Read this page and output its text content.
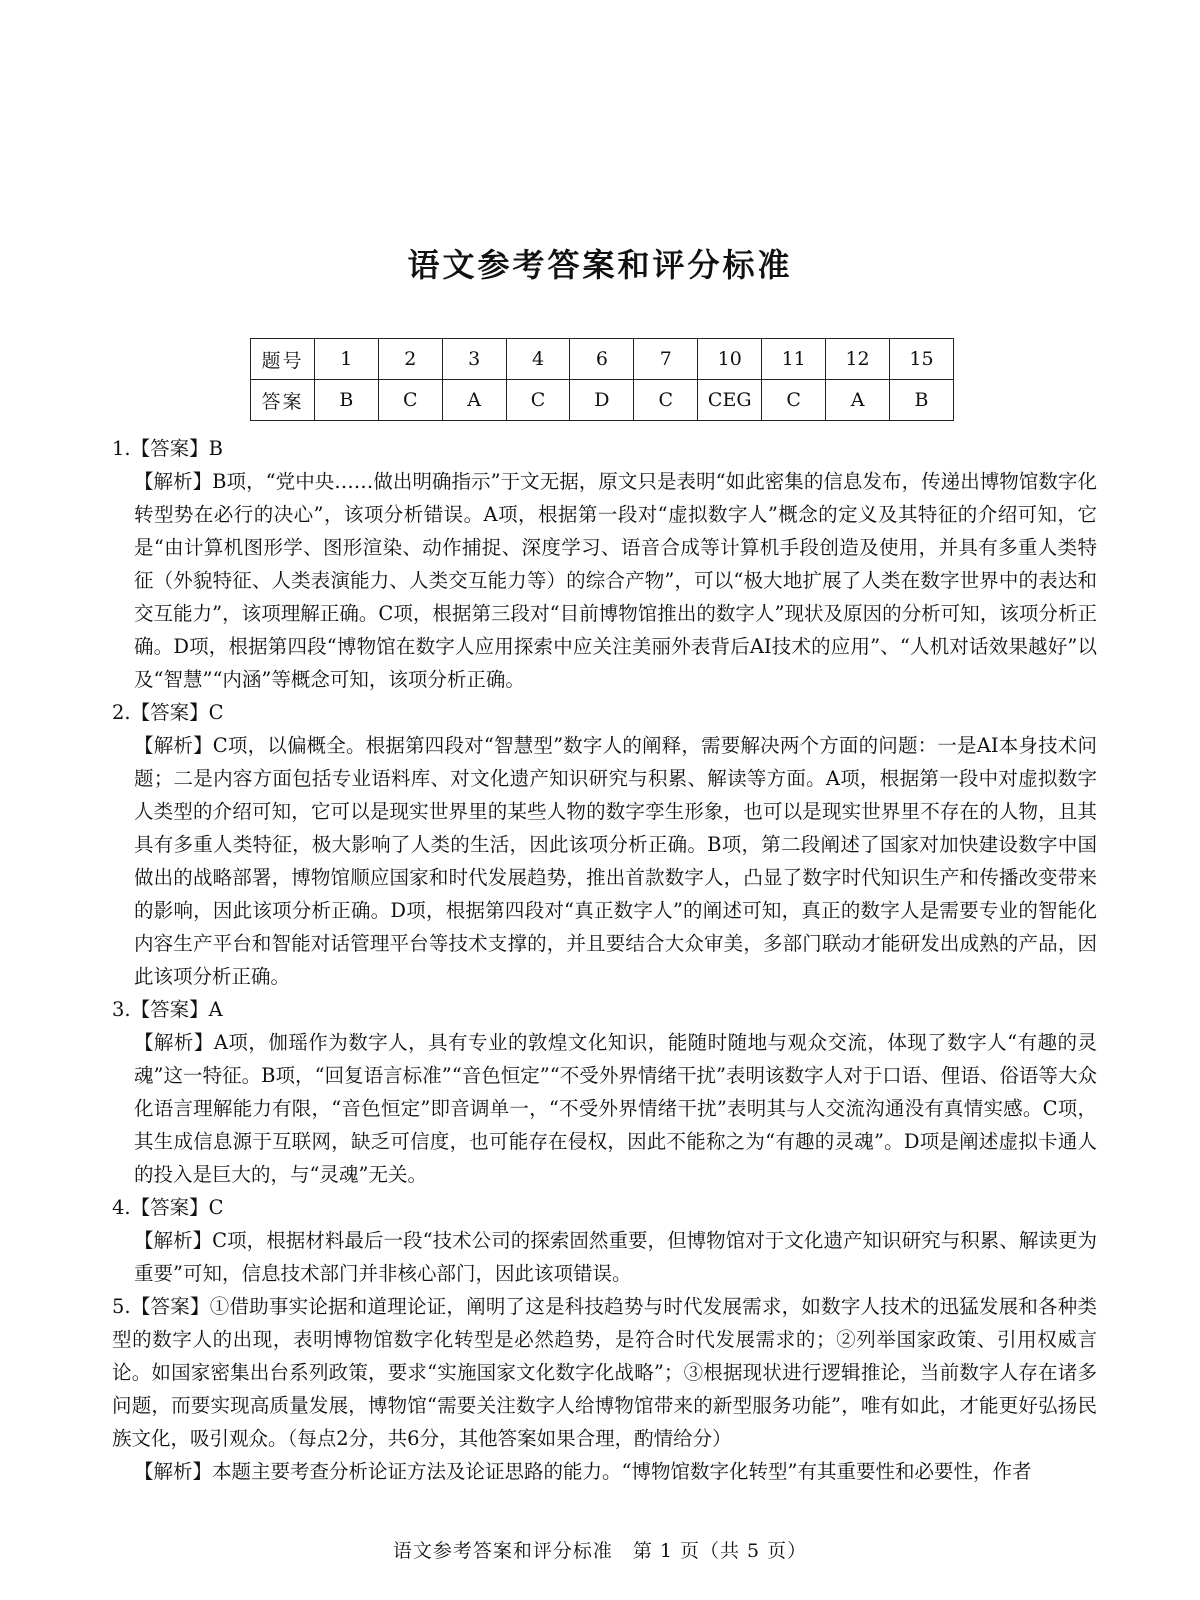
语文参考答案和评分标准
题号	1	2	3	4	6	7	10	11	12	15
答案	B	C	A	C	D	C	CEG	C	A	B

1.【答案】B

【解析】B项，“党中央……做出明确指示”于文无据，原文只是表明“如此密集的信息发布，传递出博物馆数字化转型势在必行的决心”，该项分析错误。A项，根据第一段对“虚拟数字人”概念的定义及其特征的介绍可知，它是“由计算机图形学、图形渲染、动作捕捉、深度学习、语音合成等计算机手段创造及使用，并具有多重人类特征（外貌特征、人类表演能力、人类交互能力等）的综合产物”，可以“极大地扩展了人类在数字世界中的表达和交互能力”，该项理解正确。C项，根据第三段对“目前博物馆推出的数字人”现状及原因的分析可知，该项分析正确。D项，根据第四段“博物馆在数字人应用探索中应关注美丽外表背后AI技术的应用”、“人机对话效果越好”以及“智慧”“内涵”等概念可知，该项分析正确。

2.【答案】C

【解析】C项，以偏概全。根据第四段对“智慧型”数字人的阐释，需要解决两个方面的问题：一是AI本身技术问题；二是内容方面包括专业语料库、对文化遗产知识研究与积累、解读等方面。A项，根据第一段中对虚拟数字人类型的介绍可知，它可以是现实世界里的某些人物的数字孪生形象，也可以是现实世界里不存在的人物，且其具有多重人类特征，极大影响了人类的生活，因此该项分析正确。B项，第二段阐述了国家对加快建设数字中国做出的战略部署，博物馆顺应国家和时代发展趋势，推出首款数字人，凸显了数字时代知识生产和传播改变带来的影响，因此该项分析正确。D项，根据第四段对“真正数字人”的阐述可知，真正的数字人是需要专业的智能化内容生产平台和智能对话管理平台等技术支撑的，并且要结合大众审美，多部门联动才能研发出成熟的产品，因此该项分析正确。

3.【答案】A

【解析】A项，伽瑶作为数字人，具有专业的敦煌文化知识，能随时随地与观众交流，体现了数字人“有趣的灵魂”这一特征。B项，“回复语言标准”“音色恒定”“不受外界情绪干扰”表明该数字人对于口语、俚语、俗语等大众化语言理解能力有限，“音色恒定”即音调单一，“不受外界情绪干扰”表明其与人交流沟通没有真情实感。C项，其生成信息源于互联网，缺乏可信度，也可能存在侵权，因此不能称之为“有趣的灵魂”。D项是阐述虚拟卡通人的投入是巨大的，与“灵魂”无关。

4.【答案】C

【解析】C项，根据材料最后一段“技术公司的探索固然重要，但博物馆对于文化遗产知识研究与积累、解读更为重要”可知，信息技术部门并非核心部门，因此该项错误。

5.【答案】①借助事实论据和道理论证，阐明了这是科技趋势与时代发展需求，如数字人技术的迅猛发展和各种类型的数字人的出现，表明博物馆数字化转型是必然趋势，是符合时代发展需求的；②列举国家政策、引用权威言论。如国家密集出台系列政策，要求“实施国家文化数字化战略”；③根据现状进行逻辑推论，当前数字人存在诸多问题，而要实现高质量发展，博物馆“需要关注数字人给博物馆带来的新型服务功能”，唯有如此，才能更好弘扬民族文化，吸引观众。（每点2分，共6分，其他答案如果合理，酌情给分）

【解析】本题主要考查分析论证方法及论证思路的能力。“博物馆数字化转型”有其重要性和必要性，作者

语文参考答案和评分标准　第 1 页（共 5 页）
